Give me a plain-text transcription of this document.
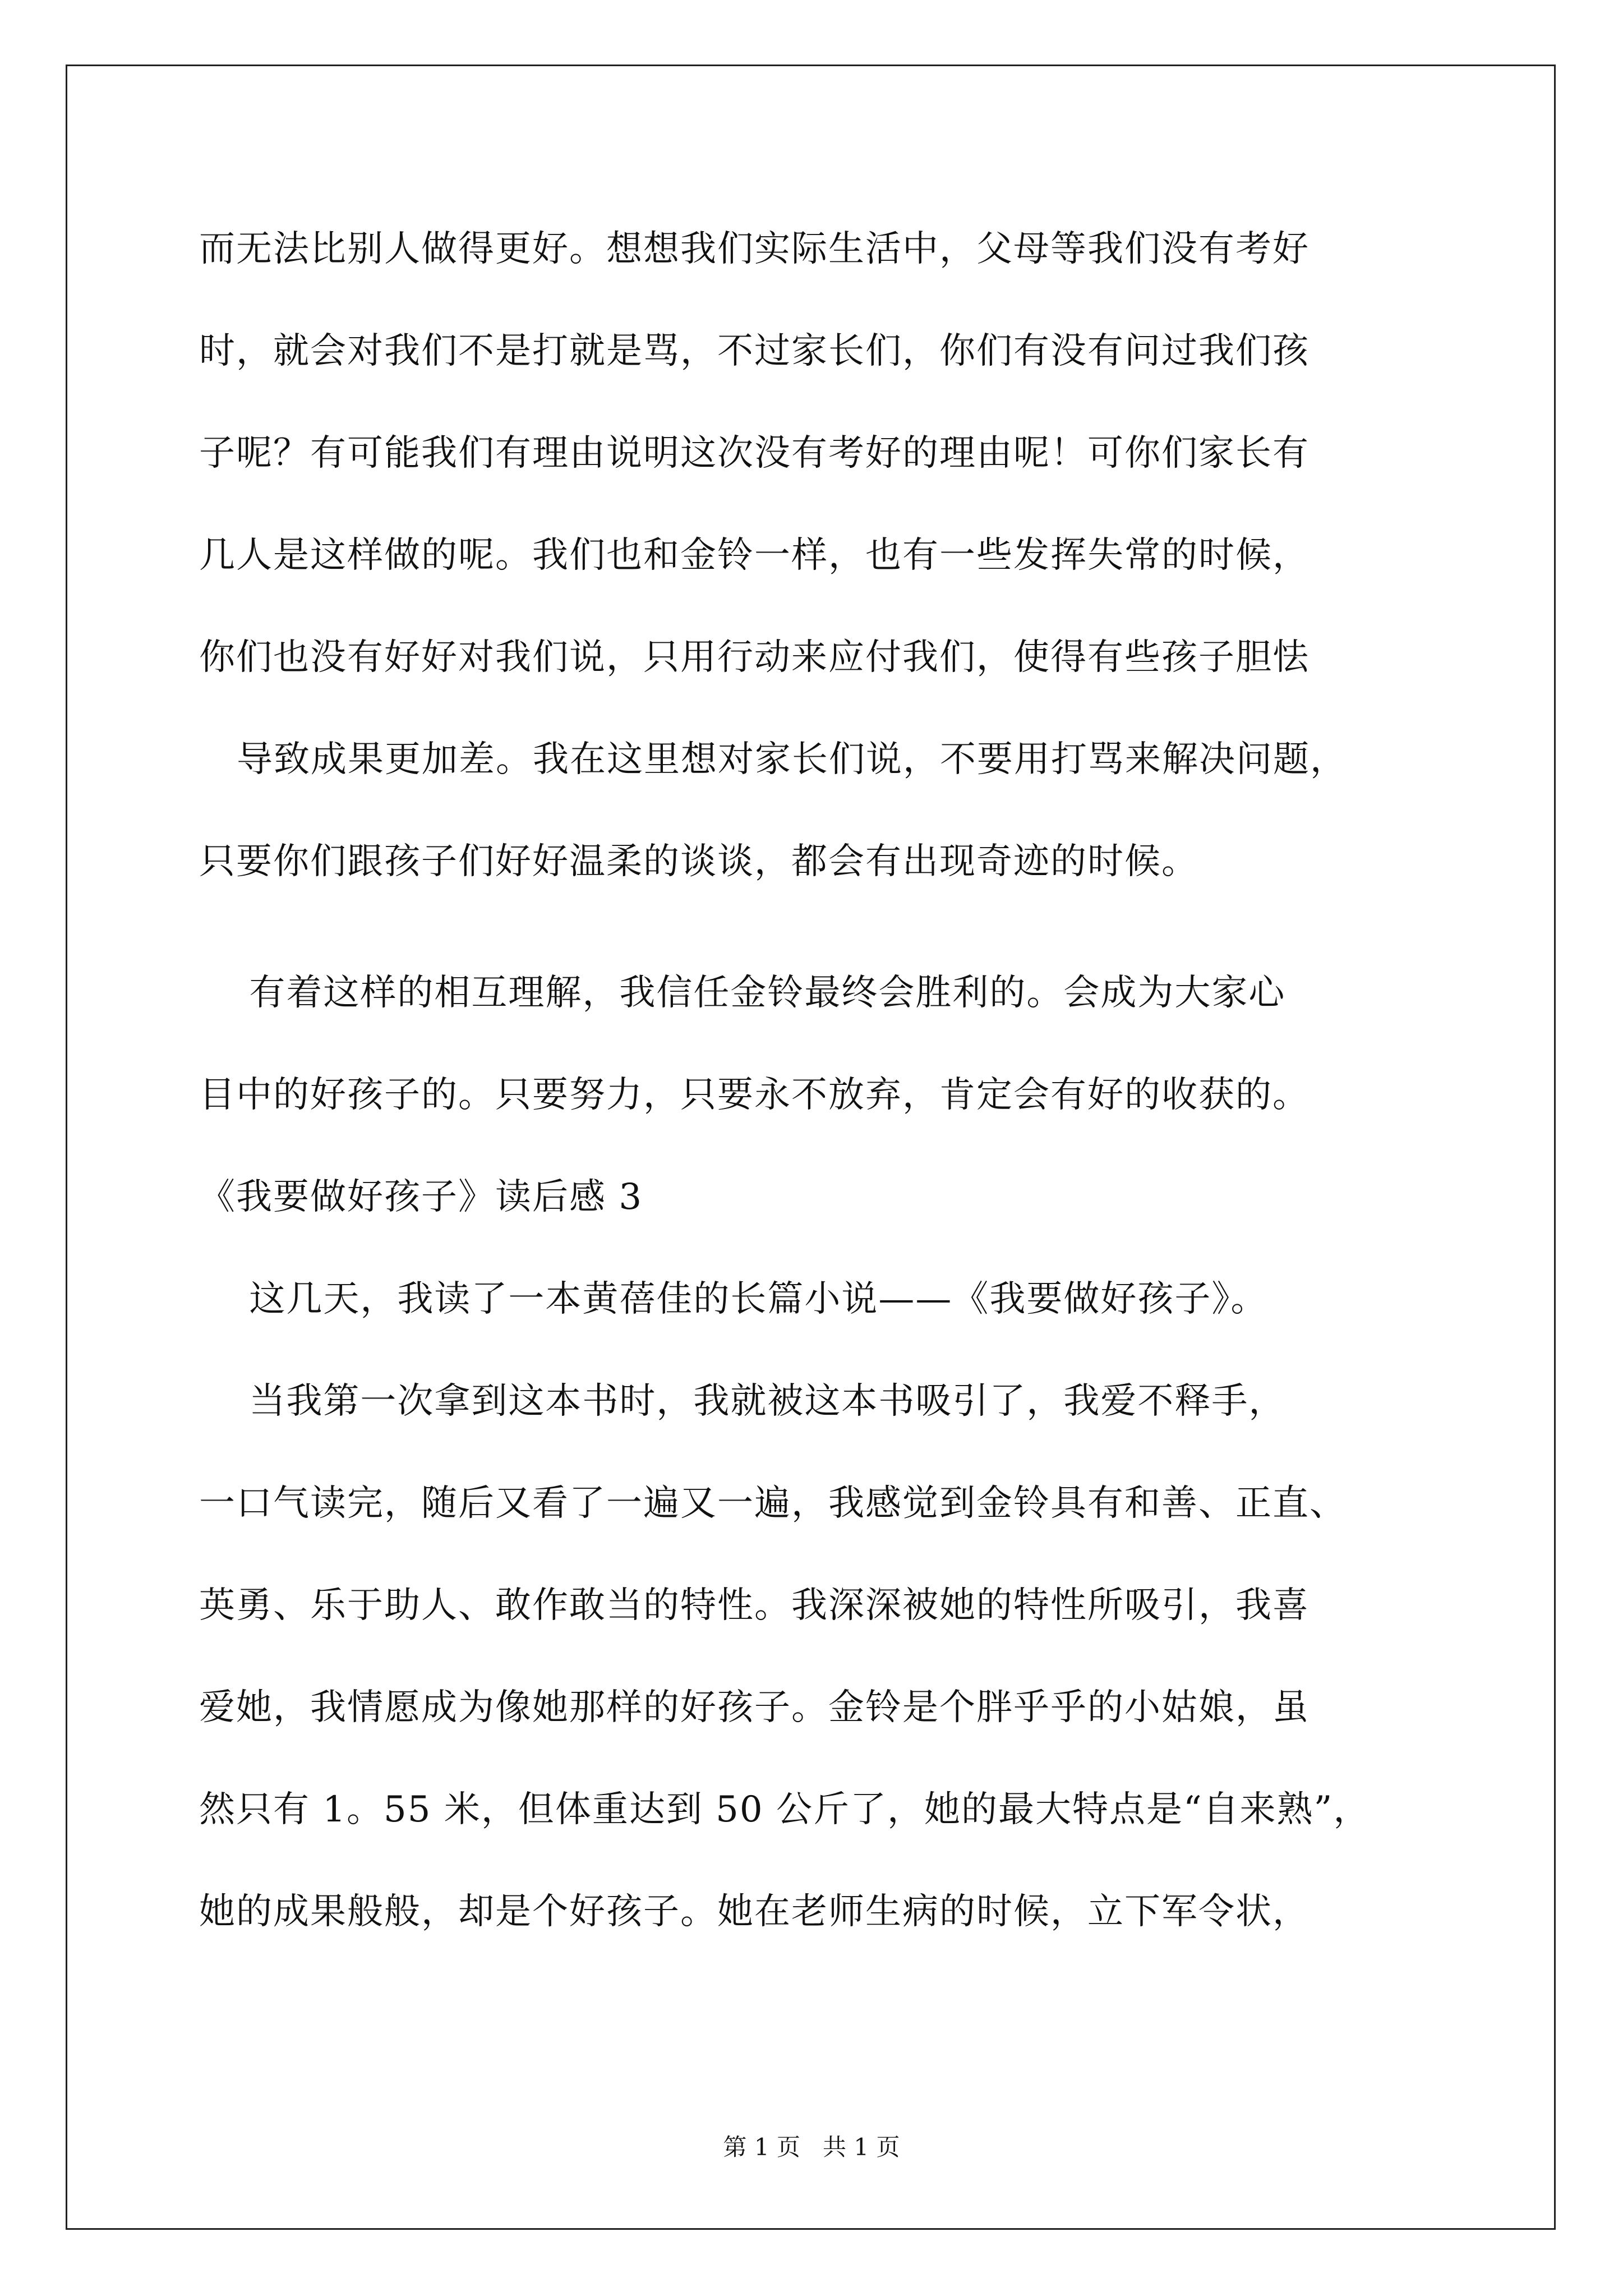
而无法比别人做得更好。想想我们实际生活中，父母等我们没有考好
时，就会对我们不是打就是骂，不过家长们，你们有没有问过我们孩
子呢？有可能我们有理由说明这次没有考好的理由呢！可你们家长有
几人是这样做的呢。我们也和金铃一样，也有一些发挥失常的时候，
你们也没有好好对我们说，只用行动来应付我们，使得有些孩子胆怯
导致成果更加差。我在这里想对家长们说，不要用打骂来解决问题，
只要你们跟孩子们好好温柔的谈谈，都会有出现奇迹的时候。
有着这样的相互理解，我信任金铃最终会胜利的。会成为大家心
目中的好孩子的。只要努力，只要永不放弃，肯定会有好的收获的。
《我要做好孩子》读后感 3
这几天，我读了一本黄蓓佳的长篇小说——《我要做好孩子》。
当我第一次拿到这本书时，我就被这本书吸引了，我爱不释手，
一口气读完，随后又看了一遍又一遍，我感觉到金铃具有和善、正直、
英勇、乐于助人、敢作敢当的特性。我深深被她的特性所吸引，我喜
爱她，我情愿成为像她那样的好孩子。金铃是个胖乎乎的小姑娘，虽
然只有 1。55 米，但体重达到 50 公斤了，她的最大特点是“自来熟”，
她的成果般般，却是个好孩子。她在老师生病的时候，立下军令状，
第 1 页   共 1 页
